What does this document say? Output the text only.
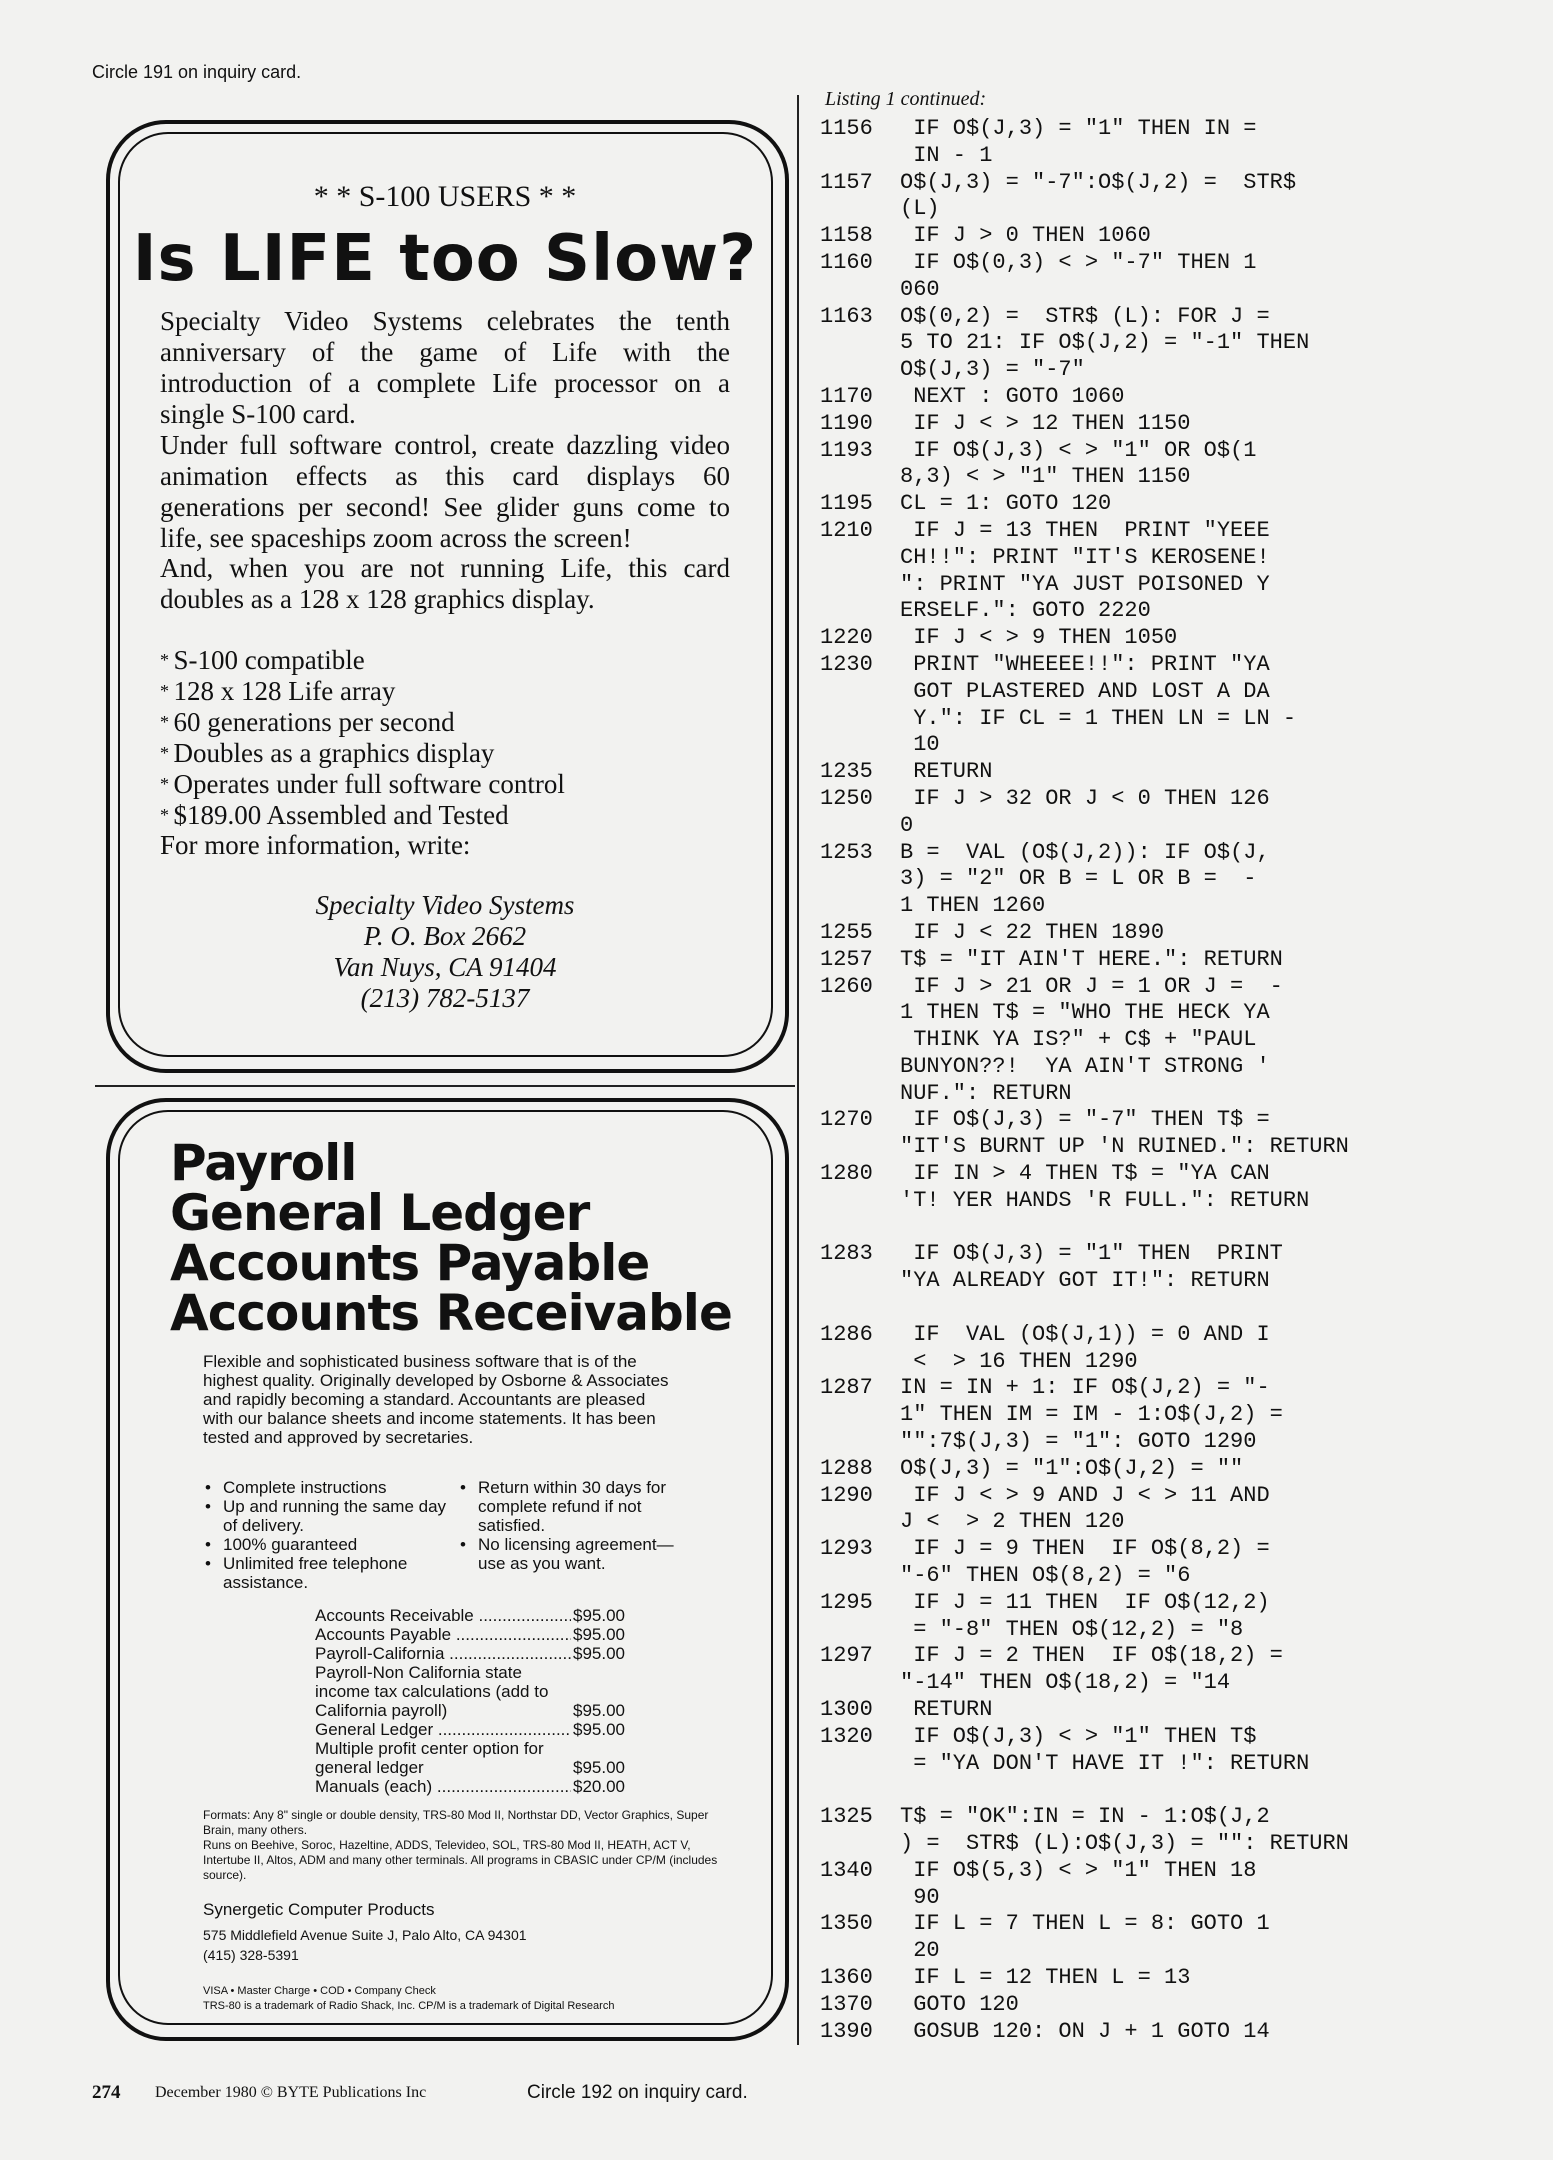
Circle 191 on inquiry card.
* * S-100 USERS * *
Is LIFE too Slow?
Specialty Video Systems celebrates the tenth anniversary of the game of Life with the introduction of a complete Life processor on a single S-100 card.
Under full software control, create dazzling video animation effects as this card displays 60 generations per second! See glider guns come to life, see spaceships zoom across the screen!
And, when you are not running Life, this card doubles as a 128 x 128 graphics display.
* S-100 compatible
* 128 x 128 Life array
* 60 generations per second
* Doubles as a graphics display
* Operates under full software control
* $189.00 Assembled and Tested
For more information, write:
Specialty Video Systems
P. O. Box 2662
Van Nuys, CA 91404
(213) 782-5137
Payroll
General Ledger
Accounts Payable
Accounts Receivable
Flexible and sophisticated business software that is of the highest quality. Originally developed by Osborne & Associates and rapidly becoming a standard. Accountants are pleased with our balance sheets and income statements. It has been tested and approved by secretaries.
• Complete instructions
• Up and running the same day of delivery.
• 100% guaranteed
• Unlimited free telephone assistance.
• Return within 30 days for complete refund if not satisfied.
• No licensing agreement—use as you want.
Accounts Receivable .....	$95.00
Accounts Payable .....	$95.00
Payroll-California .....	$95.00
Payroll-Non California state income tax calculations (add to California payroll)	$95.00
General Ledger .....	$95.00
Multiple profit center option for general ledger	$95.00
Manuals (each) .....	$20.00
Formats: Any 8" single or double density, TRS-80 Mod II, Northstar DD, Vector Graphics, Super Brain, many others.
Runs on Beehive, Soroc, Hazeltine, ADDS, Televideo, SOL, TRS-80 Mod II, HEATH, ACT V, Intertube II, Altos, ADM and many other terminals. All programs in CBASIC under CP/M (includes source).
Synergetic Computer Products
575 Middlefield Avenue Suite J, Palo Alto, CA 94301
(415) 328-5391
VISA • Master Charge • COD • Company Check
TRS-80 is a trademark of Radio Shack, Inc. CP/M is a trademark of Digital Research
Listing 1 continued:
1156	IF O$(J,3) = "1" THEN IN =
IN - 1
1157	O$(J,3) = "-7":O$(J,2) =  STR$
(L)
1158	IF J > 0 THEN 1060
1160	IF O$(0,3) < > "-7" THEN 1
060
1163	O$(0,2) =  STR$ (L): FOR J =
5 TO 21: IF O$(J,2) = "-1" THEN
O$(J,3) = "-7"
1170	NEXT : GOTO 1060
1190	IF J < > 12 THEN 1150
1193	IF O$(J,3) < > "1" OR O$(1
8,3) < > "1" THEN 1150
1195	CL = 1: GOTO 120
1210	IF J = 13 THEN  PRINT "YEEE
CH!!": PRINT "IT'S KEROSENE!
": PRINT "YA JUST POISONED Y
ERSELF.": GOTO 2220
1220	IF J < > 9 THEN 1050
1230	PRINT "WHEEEE!!": PRINT "YA
GOT PLASTERED AND LOST A DA
Y.": IF CL = 1 THEN LN = LN -
10
1235	RETURN
1250	IF J > 32 OR J < 0 THEN 126
0
1253	B =  VAL (O$(J,2)): IF O$(J,
3) = "2" OR B = L OR B =  -
1 THEN 1260
1255	IF J < 22 THEN 1890
1257	T$ = "IT AIN'T HERE.": RETURN
1260	IF J > 21 OR J = 1 OR J =  -
1 THEN T$ = "WHO THE HECK YA
THINK YA IS?" + C$ + "PAUL
BUNYON??!  YA AIN'T STRONG '
NUF.": RETURN
1270	IF O$(J,3) = "-7" THEN T$ =
"IT'S BURNT UP 'N RUINED.": RETURN
1280	IF IN > 4 THEN T$ = "YA CAN
'T! YER HANDS 'R FULL.": RETURN
1283	IF O$(J,3) = "1" THEN  PRINT
"YA ALREADY GOT IT!": RETURN
1286	IF  VAL (O$(J,1)) = 0 AND I
<  > 16 THEN 1290
1287	IN = IN + 1: IF O$(J,2) = "-
1" THEN IM = IM - 1:O$(J,2) =
"":7$(J,3) = "1": GOTO 1290
1288	O$(J,3) = "1":O$(J,2) = ""
1290	IF J < > 9 AND J < > 11 AND
J <  > 2 THEN 120
1293	IF J = 9 THEN  IF O$(8,2) =
"-6" THEN O$(8,2) = "6
1295	IF J = 11 THEN  IF O$(12,2)
= "-8" THEN O$(12,2) = "8
1297	IF J = 2 THEN  IF O$(18,2) =
"-14" THEN O$(18,2) = "14
1300	RETURN
1320	IF O$(J,3) < > "1" THEN T$
= "YA DON'T HAVE IT !": RETURN
1325	T$ = "OK":IN = IN - 1:O$(J,2
) =  STR$ (L):O$(J,3) = "": RETURN
1340	IF O$(5,3) < > "1" THEN 18
90
1350	IF L = 7 THEN L = 8: GOTO 1
20
1360	IF L = 12 THEN L = 13
1370	GOTO 120
1390	GOSUB 120: ON J + 1 GOTO 14
274 December 1980 © BYTE Publications Inc	Circle 192 on inquiry card.
